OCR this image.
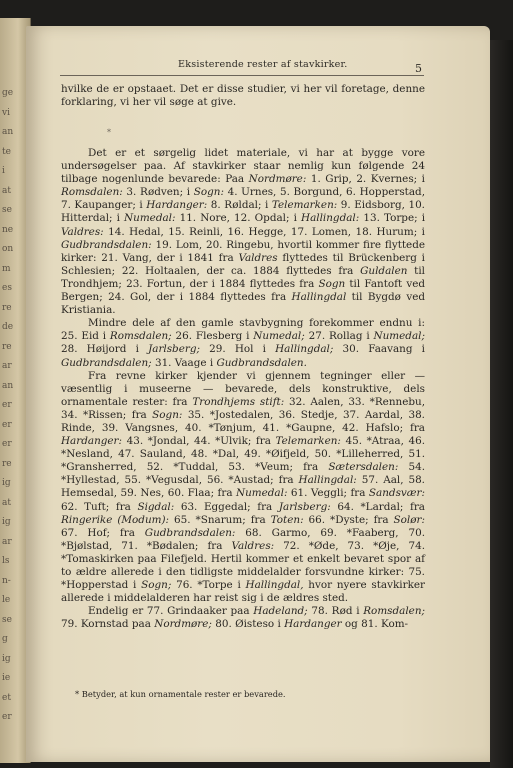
ge
vi
an
te
i
at
se
ne
on
m
es
re
de
re
ar
an
er
er
er
re
ig
at
ig
ar
ls
n-
le
se
g
ig
ie
et
er
Eksisterende rester af stavkirker.	5

hvilke de er opstaaet. Det er disse studier, vi her vil foretage, denne forklaring, vi her vil søge at give.

*

Det er et sørgelig lidet materiale, vi har at bygge vore undersøgelser paa. Af stavkirker staar nemlig kun følgende 24 tilbage nogenlunde bevarede: Paa Nordmøre: 1. Grip, 2. Kvernes; i Romsdalen: 3. Rødven; i Sogn: 4. Urnes, 5. Borgund, 6. Hopperstad, 7. Kaupanger; i Hardanger: 8. Røldal; i Telemarken: 9. Eidsborg, 10. Hitterdal; i Numedal: 11. Nore, 12. Opdal; i Hallingdal: 13. Torpe; i Valdres: 14. Hedal, 15. Reinli, 16. Hegge, 17. Lomen, 18. Hurum; i Gudbrandsdalen: 19. Lom, 20. Ringebu, hvortil kommer fire flyttede kirker: 21. Vang, der i 1841 fra Valdres flyttedes til Brückenberg i Schlesien; 22. Holtaalen, der ca. 1884 flyttedes fra Guldalen til Trondhjem; 23. Fortun, der i 1884 flyttedes fra Sogn til Fantoft ved Bergen; 24. Gol, der i 1884 flyttedes fra Hallingdal til Bygdø ved Kristiania.

Mindre dele af den gamle stavbygning forekommer endnu i: 25. Eid i Romsdalen; 26. Flesberg i Numedal; 27. Rollag i Numedal; 28. Høijord i Jarlsberg; 29. Hol i Hallingdal; 30. Faavang i Gudbrandsdalen; 31. Vaage i Gudbrandsdalen.

Fra revne kirker kjender vi gjennem tegninger eller — væsentlig i museerne — bevarede, dels konstruktive, dels ornamentale rester: fra Trondhjems stift: 32. Aalen, 33. *Rennebu, 34. *Rissen; fra Sogn: 35. *Jostedalen, 36. Stedje, 37. Aardal, 38. Rinde, 39. Vangsnes, 40. *Tønjum, 41. *Gaupne, 42. Hafslo; fra Hardanger: 43. *Jondal, 44. *Ulvik; fra Telemarken: 45. *Atraa, 46. *Nesland, 47. Sauland, 48. *Dal, 49. *Øifjeld, 50. *Lilleherred, 51. *Gransherred, 52. *Tuddal, 53. *Veum; fra Sætersdalen: 54. *Hyllestad, 55. *Vegusdal, 56. *Austad; fra Hallingdal: 57. Aal, 58. Hemsedal, 59. Nes, 60. Flaa; fra Numedal: 61. Veggli; fra Sandsvær: 62. Tuft; fra Sigdal: 63. Eggedal; fra Jarlsberg: 64. *Lardal; fra Ringerike (Modum): 65. *Snarum; fra Toten: 66. *Dyste; fra Solør: 67. Hof; fra Gudbrandsdalen: 68. Garmo, 69. *Faaberg, 70. *Bjølstad, 71. *Bødalen; fra Valdres: 72. *Øde, 73. *Øje, 74. *Tomaskirken paa Filefjeld. Hertil kommer et enkelt bevaret spor af to ældre allerede i den tidligste middelalder forsvundne kirker: 75. *Hopperstad i Sogn; 76. *Torpe i Hallingdal, hvor nyere stavkirker allerede i middelalderen har reist sig i de ældres sted.

Endelig er 77. Grindaaker paa Hadeland; 78. Rød i Romsdalen; 79. Kornstad paa Nordmøre; 80. Øisteso i Hardanger og 81. Kom-

* Betyder, at kun ornamentale rester er bevarede.
